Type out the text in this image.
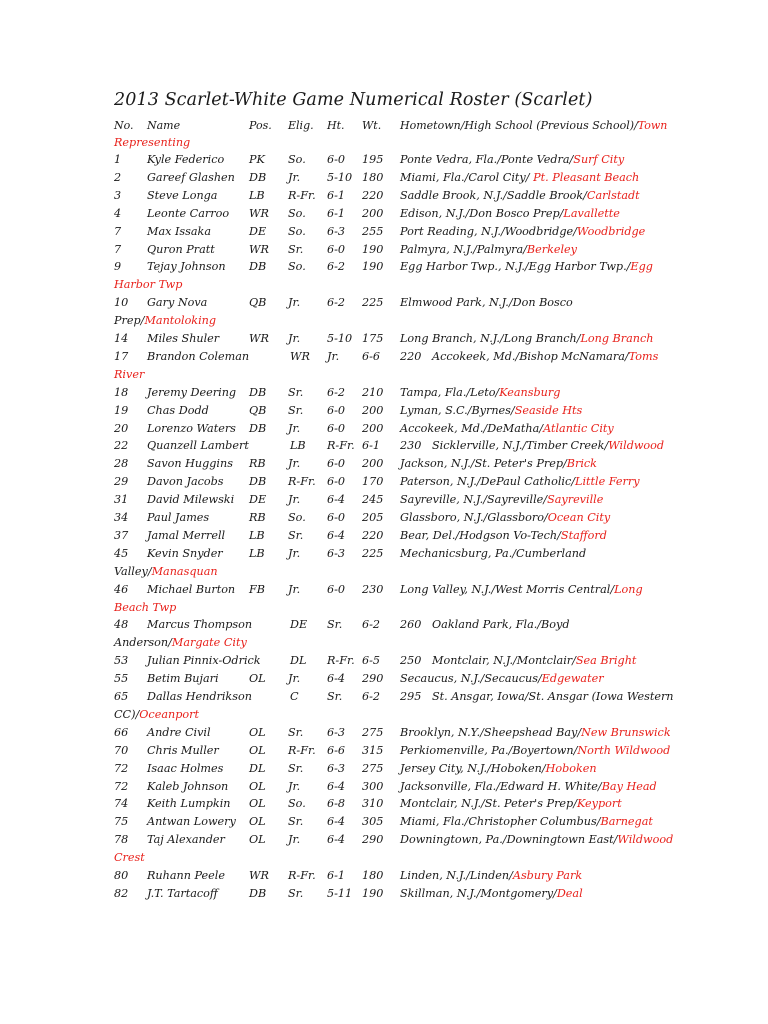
2013 Scarlet-White Game Numerical Roster (Scarlet)
No. Name	Pos. Elig. Ht. Wt. Hometown/High School (Previous School)/Town
Representing
1 Kyle Federico PK So. 6-0 195 Ponte Vedra, Fla./Ponte Vedra/Surf City
2 Gareef Glashen DB Jr. 5-10 180 Miami, Fla./Carol City/ Pt. Pleasant Beach
3 Steve Longa	LB R-Fr. 6-1 220 Saddle Brook, N.J./Saddle Brook/Carlstadt
4 Leonte Carroo WR So. 6-1 200 Edison, N.J./Don Bosco Prep/Lavallette
7 Max Issaka	DE So. 6-3 255 Port Reading, N.J./Woodbridge/Woodbridge
7 Quron Pratt	WR Sr. 6-0 190 Palmyra, N.J./Palmyra/Berkeley
9 Tejay Johnson DB So. 6-2 190 Egg Harbor Twp., N.J./Egg Harbor Twp./Egg
Harbor Twp
10 Gary Nova	QB Jr. 6-2 225 Elmwood Park, N.J./Don Bosco
Prep/Mantoloking
14 Miles Shuler	WR Jr. 5-10 175 Long Branch, N.J./Long Branch/Long Branch
17 Brandon Coleman	WR Jr. 6-6 220 Accokeek, Md./Bishop McNamara/Toms
River
18 Jeremy Deering DB Sr. 6-2 210 Tampa, Fla./Leto/Keansburg
19 Chas Dodd	QB Sr. 6-0 200 Lyman, S.C./Byrnes/Seaside Hts
20 Lorenzo Waters DB Jr. 6-0 200 Accokeek, Md./DeMatha/Atlantic City
22 Quanzell Lambert	LB R-Fr. 6-1 230 Sicklerville, N.J./Timber Creek/Wildwood
28 Savon Huggins RB Jr. 6-0 200 Jackson, N.J./St. Peter's Prep/Brick
29 Davon Jacobs DB R-Fr. 6-0 170 Paterson, N.J./DePaul Catholic/Little Ferry
31 David Milewski DE Jr. 6-4 245 Sayreville, N.J./Sayreville/Sayreville
34 Paul James	RB So. 6-0 205 Glassboro, N.J./Glassboro/Ocean City
37 Jamal Merrell LB Sr. 6-4 220 Bear, Del./Hodgson Vo-Tech/Stafford
45 Kevin Snyder LB Jr. 6-3 225 Mechanicsburg, Pa./Cumberland
Valley/Manasquan
46 Michael Burton FB Jr. 6-0 230 Long Valley, N.J./West Morris Central/Long
Beach Twp
48 Marcus Thompson	DE Sr. 6-2 260 Oakland Park, Fla./Boyd
Anderson/Margate City
53 Julian Pinnix-Odrick	DL R-Fr. 6-5 250 Montclair, N.J./Montclair/Sea Bright
55 Betim Bujari	OL Jr. 6-4 290 Secaucus, N.J./Secaucus/Edgewater
65 Dallas Hendrikson	C	Sr. 6-2 295 St. Ansgar, Iowa/St. Ansgar (Iowa Western
CC)/Oceanport
66 Andre Civil	OL Sr. 6-3 275 Brooklyn, N.Y./Sheepshead Bay/New Brunswick
70 Chris Muller	OL R-Fr. 6-6 315 Perkiomenville, Pa./Boyertown/North Wildwood
72 Isaac Holmes DL Sr. 6-3 275 Jersey City, N.J./Hoboken/Hoboken
72 Kaleb Johnson OL Jr. 6-4 300 Jacksonville, Fla./Edward H. White/Bay Head
74 Keith Lumpkin OL So. 6-8 310 Montclair, N.J./St. Peter's Prep/Keyport
75 Antwan Lowery OL Sr. 6-4 305 Miami, Fla./Christopher Columbus/Barnegat
78 Taj Alexander OL Jr. 6-4 290 Downingtown, Pa./Downingtown East/Wildwood
Crest
80 Ruhann Peele WR R-Fr. 6-1 180 Linden, N.J./Linden/Asbury Park
82 J.T. Tartacoff	DB Sr. 5-11 190 Skillman, N.J./Montgomery/Deal
